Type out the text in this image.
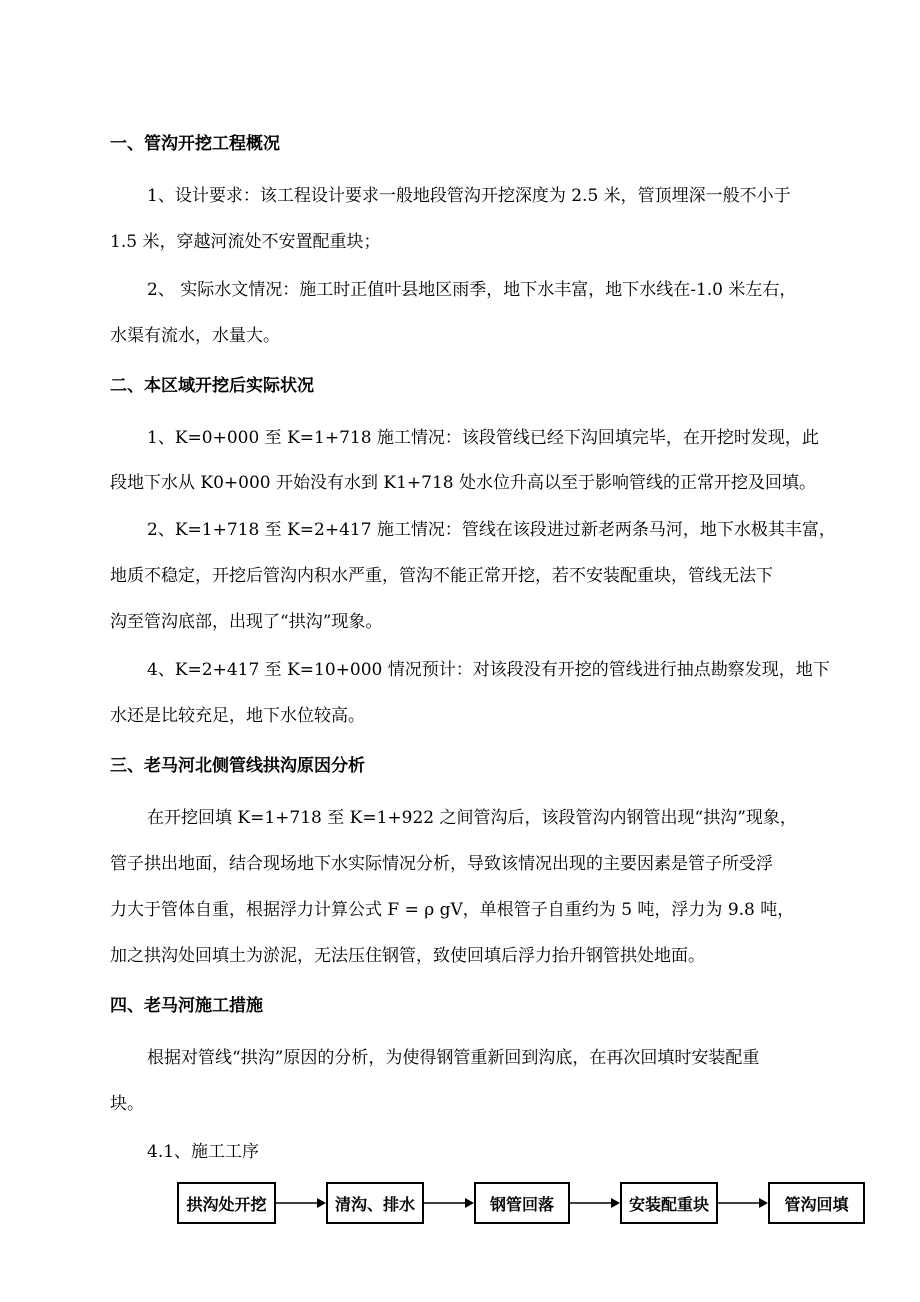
一、管沟开挖工程概况
1、设计要求：该工程设计要求一般地段管沟开挖深度为 2.5 米，管顶埋深一般不小于
1.5 米，穿越河流处不安置配重块；
2、 实际水文情况：施工时正值叶县地区雨季，地下水丰富，地下水线在-1.0 米左右，
水渠有流水，水量大。
二、本区域开挖后实际状况
1、K=0+000 至 K=1+718 施工情况：该段管线已经下沟回填完毕，在开挖时发现，此
段地下水从 K0+000 开始没有水到 K1+718 处水位升高以至于影响管线的正常开挖及回填。
2、K=1+718 至 K=2+417 施工情况：管线在该段进过新老两条马河，地下水极其丰富，
地质不稳定，开挖后管沟内积水严重，管沟不能正常开挖，若不安装配重块，管线无法下
沟至管沟底部，出现了“拱沟”现象。
4、K=2+417 至 K=10+000 情况预计：对该段没有开挖的管线进行抽点勘察发现，地下
水还是比较充足，地下水位较高。
三、老马河北侧管线拱沟原因分析
在开挖回填 K=1+718 至 K=1+922 之间管沟后，该段管沟内钢管出现“拱沟”现象，
管子拱出地面，结合现场地下水实际情况分析，导致该情况出现的主要因素是管子所受浮
力大于管体自重，根据浮力计算公式 F = ρ gV，单根管子自重约为 5 吨，浮力为 9.8 吨，
加之拱沟处回填土为淤泥，无法压住钢管，致使回填后浮力抬升钢管拱处地面。
四、老马河施工措施
根据对管线“拱沟”原因的分析，为使得钢管重新回到沟底，在再次回填时安装配重
块。
4.1、施工工序
拱沟处开挖	清沟、排水	钢管回落	安装配重块	管沟回填
